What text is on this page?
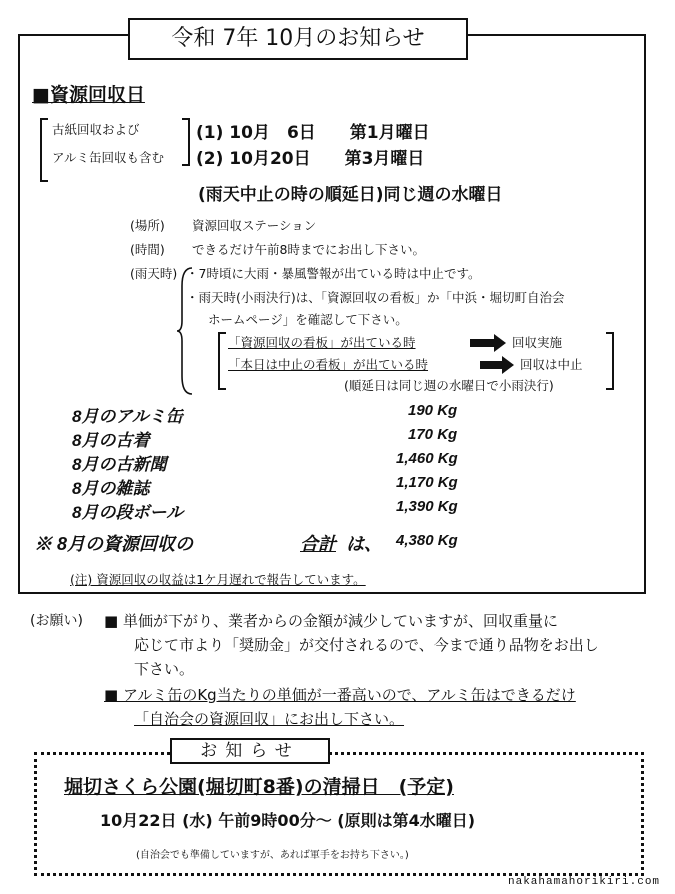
令和 7年 10月のお知らせ
■資源回収日
古紙回収および
アルミ缶回収も含む
(1) 10月　6日　　第1月曜日
(2) 10月20日　　第3月曜日
(雨天中止の時の順延日)同じ週の水曜日
(場所) 資源回収ステーション
(時間) できるだけ午前8時までにお出し下さい。
(雨天時) ・7時頃に大雨・暴風警報が出ている時は中止です。
・雨天時(小雨決行)は、「資源回収の看板」か「中浜・堀切町自治会
ホームページ」を確認して下さい。
「資源回収の看板」が出ている時	回収実施
「本日は中止の看板」が出ている時	回収は中止
(順延日は同じ週の水曜日で小雨決行)
8月のアルミ缶	190 Kg
8月の古着	170 Kg
8月の古新聞	1,460 Kg
8月の雑誌	1,170 Kg
8月の段ボール	1,390 Kg
※ 8月の資源回収の	合計 は、 4,380 Kg
(注) 資源回収の収益は1ケ月遅れで報告しています。
(お願い) ■ 単価が下がり、業者からの金額が減少していますが、回収重量に
応じて市より「奨励金」が交付されるので、今まで通り品物をお出し
下さい。
■ アルミ缶のKg当たりの単価が一番高いので、アルミ缶はできるだけ
「自治会の資源回収」にお出し下さい。
お知らせ
堀切さくら公園(堀切町8番)の清掃日　(予定)
10月22日 (水) 午前9時00分〜 (原則は第4水曜日)
(自治会でも準備していますが、あれば軍手をお持ち下さい。)
nakahamahorikiri.com
